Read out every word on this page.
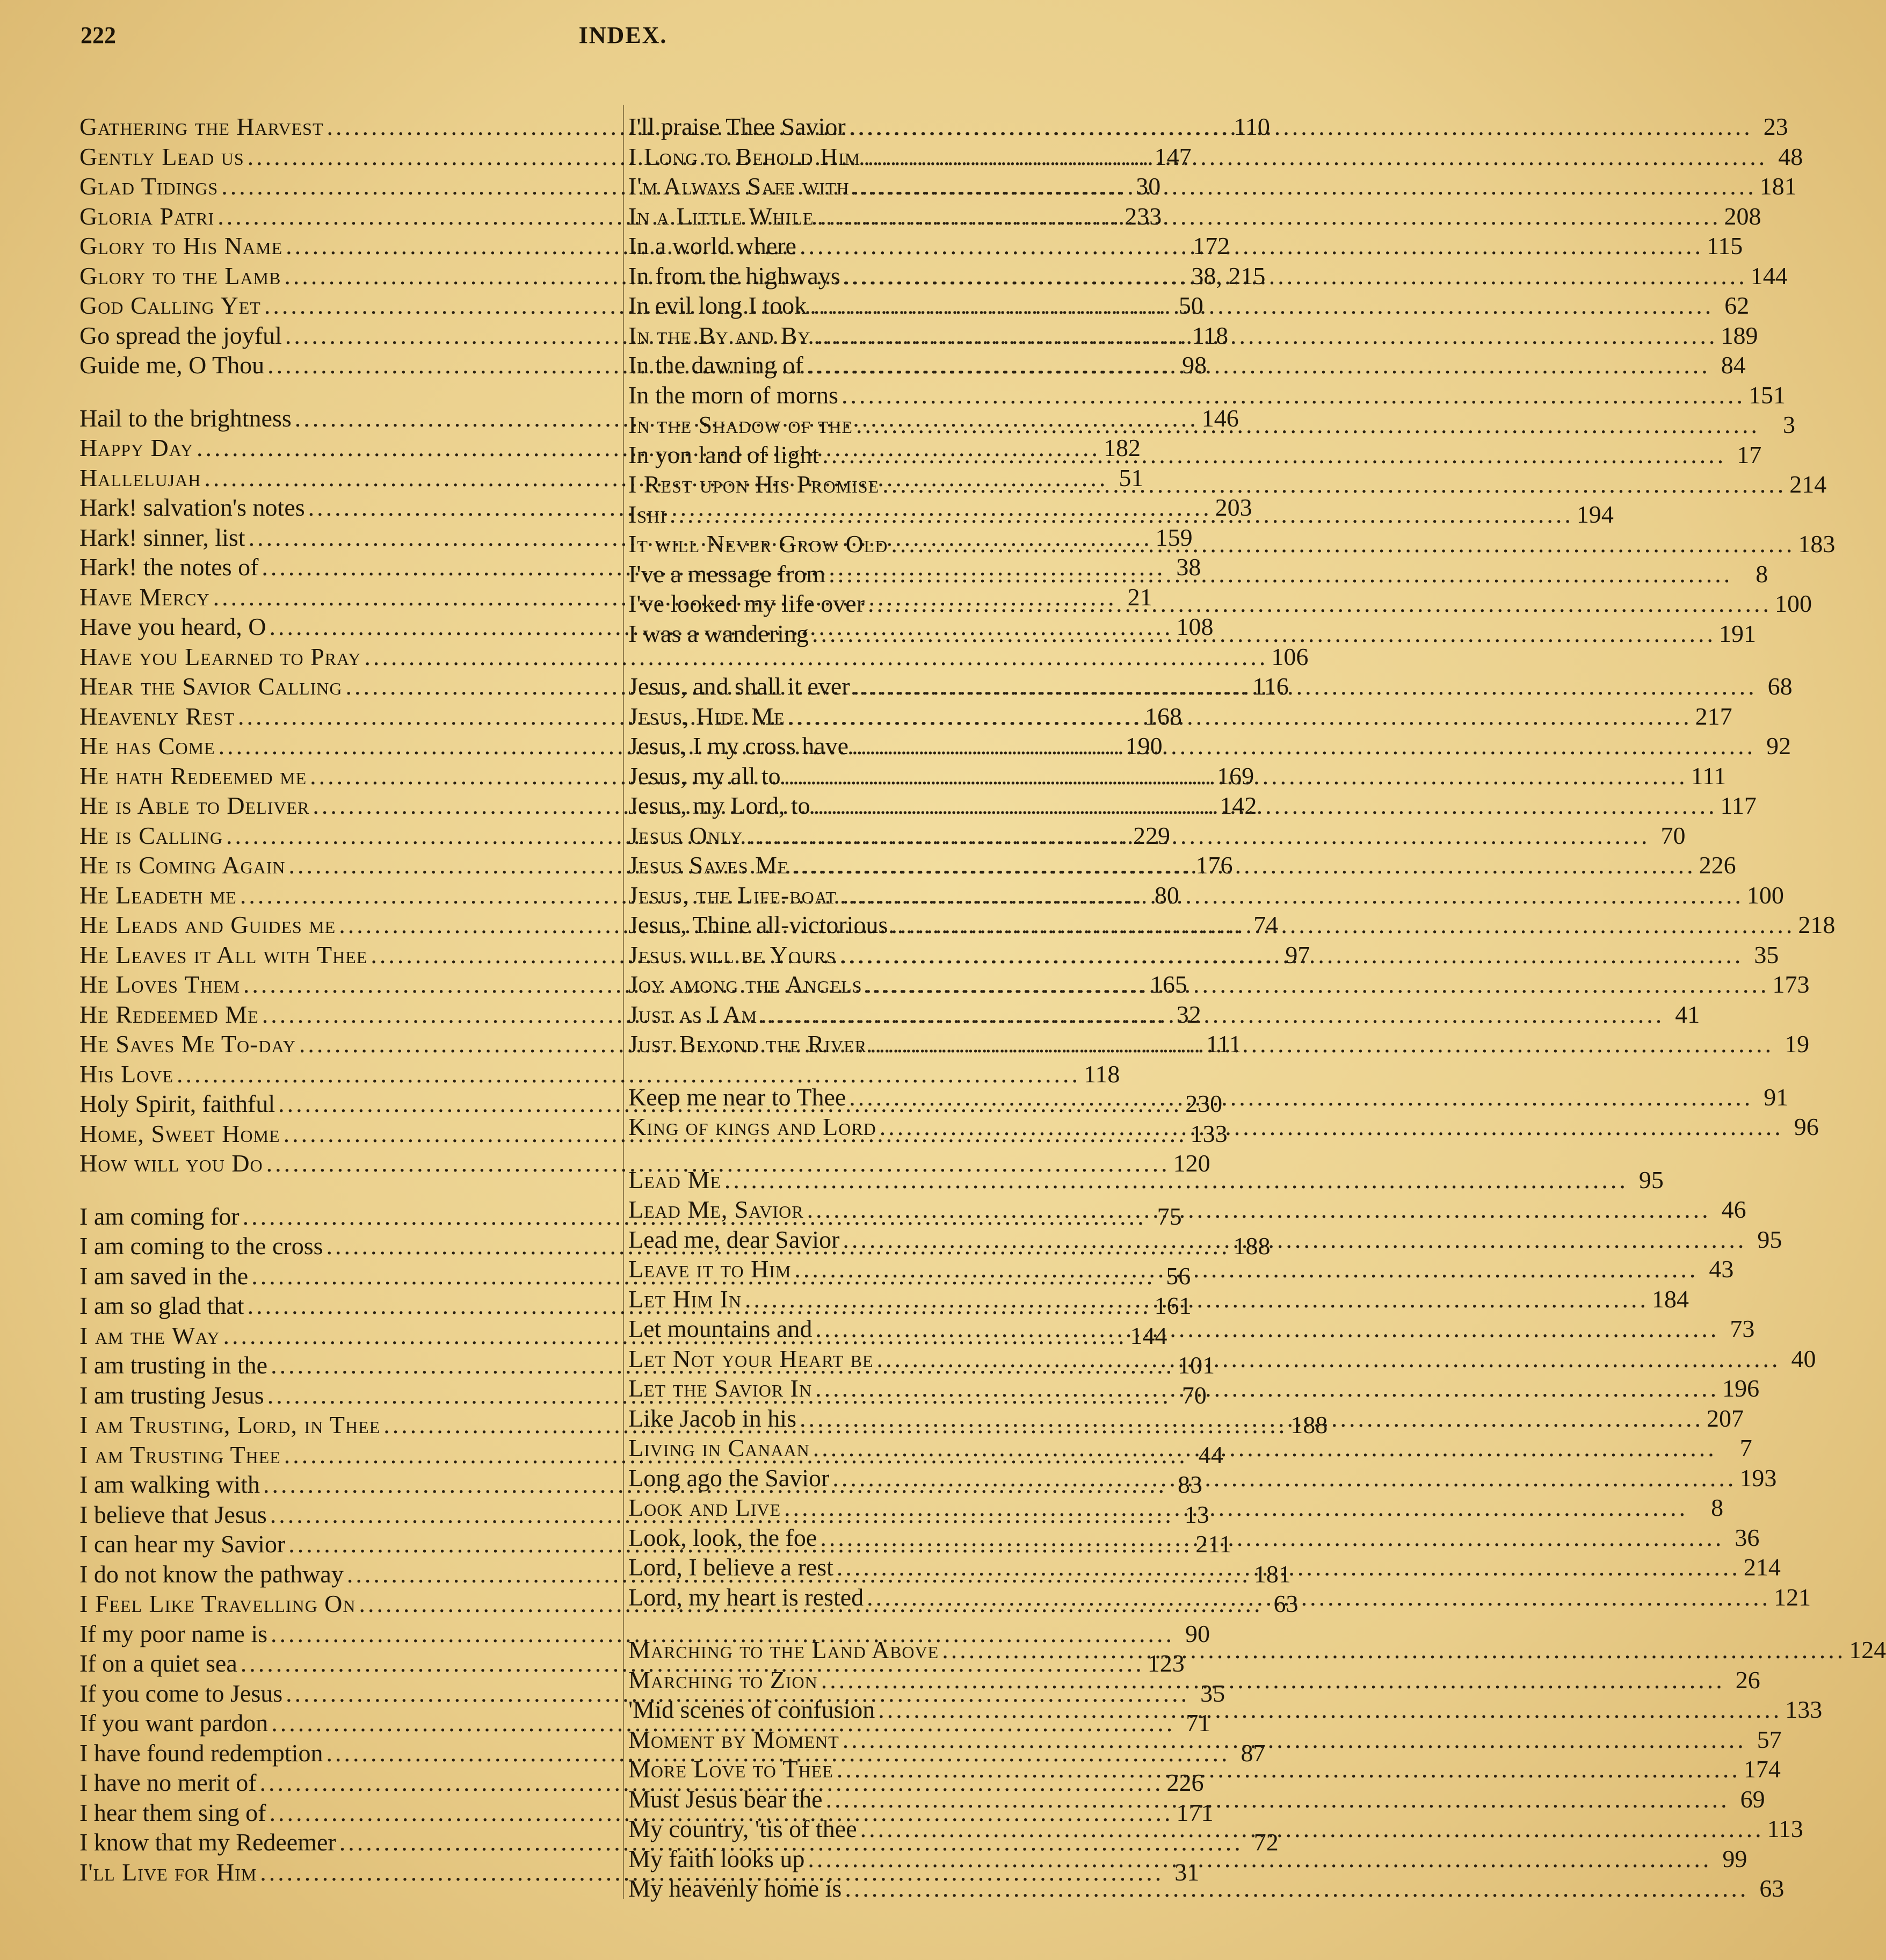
222	INDEX.
Gathering the Harvest .....	110
Gently Lead us .....	147
Glad Tidings .....	30
Gloria Patri .....	233
Glory to His Name .....	172
Glory to the Lamb .....	38, 215
God Calling Yet .....	50
Go spread the joyful .....	118
Guide me, O Thou .....	98
Hail to the brightness .....	146
Happy Day .....	182
Hallelujah .....	51
Hark! salvation's notes .....	203
Hark! sinner, list .....	159
Hark! the notes of .....	38
Have Mercy .....	21
Have you heard, O .....	108
Have you Learned to Pray .....	106
Hear the Savior Calling .....	116
Heavenly Rest .....	168
He has Come .....	190
He hath Redeemed me .....	169
He is Able to Deliver .....	142
He is Calling .....	229
He is Coming Again .....	176
He Leadeth me .....	80
He Leads and Guides me .....	74
He Leaves it All with Thee .....	97
He Loves Them .....	165
He Redeemed Me .....	32
He Saves Me To-day .....	111
His Love .....	118
Holy Spirit, faithful .....	230
Home, Sweet Home .....	133
How will you Do .....	120
I am coming for .....	75
I am coming to the cross .....	188
I am saved in the .....	56
I am so glad that .....	161
I am the Way .....	144
I am trusting in the .....	101
I am trusting Jesus .....	70
I am Trusting, Lord, in Thee .....	188
I am Trusting Thee .....	44
I am walking with .....	83
I believe that Jesus .....	13
I can hear my Savior .....	211
I do not know the pathway .....	181
I Feel Like Travelling On .....	63
If my poor name is .....	90
If on a quiet sea .....	123
If you come to Jesus .....	35
If you want pardon .....	71
I have found redemption .....	87
I have no merit of .....	226
I hear them sing of .....	171
I know that my Redeemer .....	72
I'll Live for Him .....	31
I'll praise Thee Savior .....	23
I Long to Behold Him .....	48
I'm Always Safe with .....	181
In a Little While .....	208
In a world where .....	115
In from the highways .....	144
In evil long I took .....	62
In the By and By .....	189
In the dawning of .....	84
In the morn of morns .....	151
In the Shadow of the .....	3
In yon land of light .....	17
I Rest upon His Promise .....	214
Ishi .....	194
It will Never Grow Old .....	183
I've a message from .....	8
I've looked my life over .....	100
I was a wandering .....	191
Jesus, and shall it ever .....	68
Jesus, Hide Me .....	217
Jesus, I my cross have .....	92
Jesus, my all to .....	111
Jesus, my Lord, to .....	117
Jesus Only .....	70
Jesus Saves Me .....	226
Jesus, the Life-boat .....	100
Jesus, Thine all-victorious .....	218
Jesus will be Yours .....	35
Joy among the Angels .....	173
Just as I Am .....	41
Just Beyond the River .....	19
Keep me near to Thee .....	91
King of kings and Lord .....	96
Lead Me .....	95
Lead Me, Savior .....	46
Lead me, dear Savior .....	95
Leave it to Him .....	43
Let Him In .....	184
Let mountains and .....	73
Let Not your Heart be .....	40
Let the Savior In .....	196
Like Jacob in his .....	207
Living in Canaan .....	7
Long ago the Savior .....	193
Look and Live .....	8
Look, look, the foe .....	36
Lord, I believe a rest .....	214
Lord, my heart is rested .....	121
Marching to the Land Above .....	124
Marching to Zion .....	26
'Mid scenes of confusion .....	133
Moment by Moment .....	57
More Love to Thee .....	174
Must Jesus bear the .....	69
My country, 'tis of thee .....	113
My faith looks up .....	99
My heavenly home is .....	63
